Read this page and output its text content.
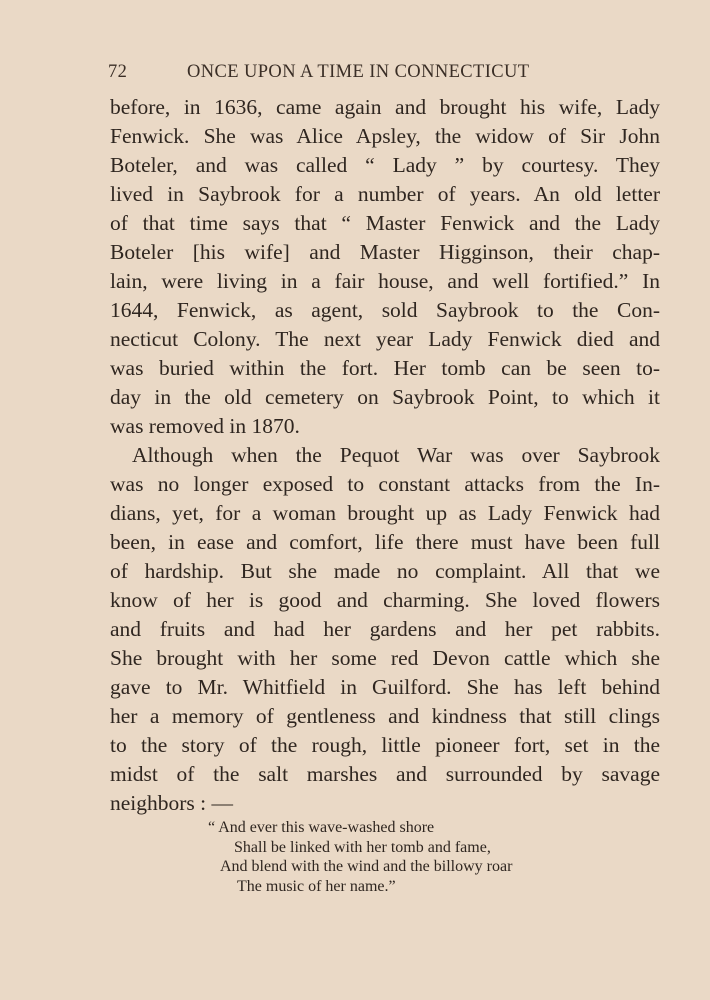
72	ONCE UPON A TIME IN CONNECTICUT
before, in 1636, came again and brought his wife, Lady
Fenwick. She was Alice Apsley, the widow of Sir John
Boteler, and was called “ Lady ” by courtesy. They
lived in Saybrook for a number of years. An old letter
of that time says that “ Master Fenwick and the Lady
Boteler [his wife] and Master Higginson, their chap-
lain, were living in a fair house, and well fortified.” In
1644, Fenwick, as agent, sold Saybrook to the Con-
necticut Colony. The next year Lady Fenwick died and
was buried within the fort. Her tomb can be seen to-
day in the old cemetery on Saybrook Point, to which it
was removed in 1870.
Although when the Pequot War was over Saybrook
was no longer exposed to constant attacks from the In-
dians, yet, for a woman brought up as Lady Fenwick had
been, in ease and comfort, life there must have been full
of hardship. But she made no complaint. All that we
know of her is good and charming. She loved flowers
and fruits and had her gardens and her pet rabbits.
She brought with her some red Devon cattle which she
gave to Mr. Whitfield in Guilford. She has left behind
her a memory of gentleness and kindness that still clings
to the story of the rough, little pioneer fort, set in the
midst of the salt marshes and surrounded by savage
neighbors : —
“ And ever this wave-washed shore
Shall be linked with her tomb and fame,
And blend with the wind and the billowy roar
The music of her name.”
